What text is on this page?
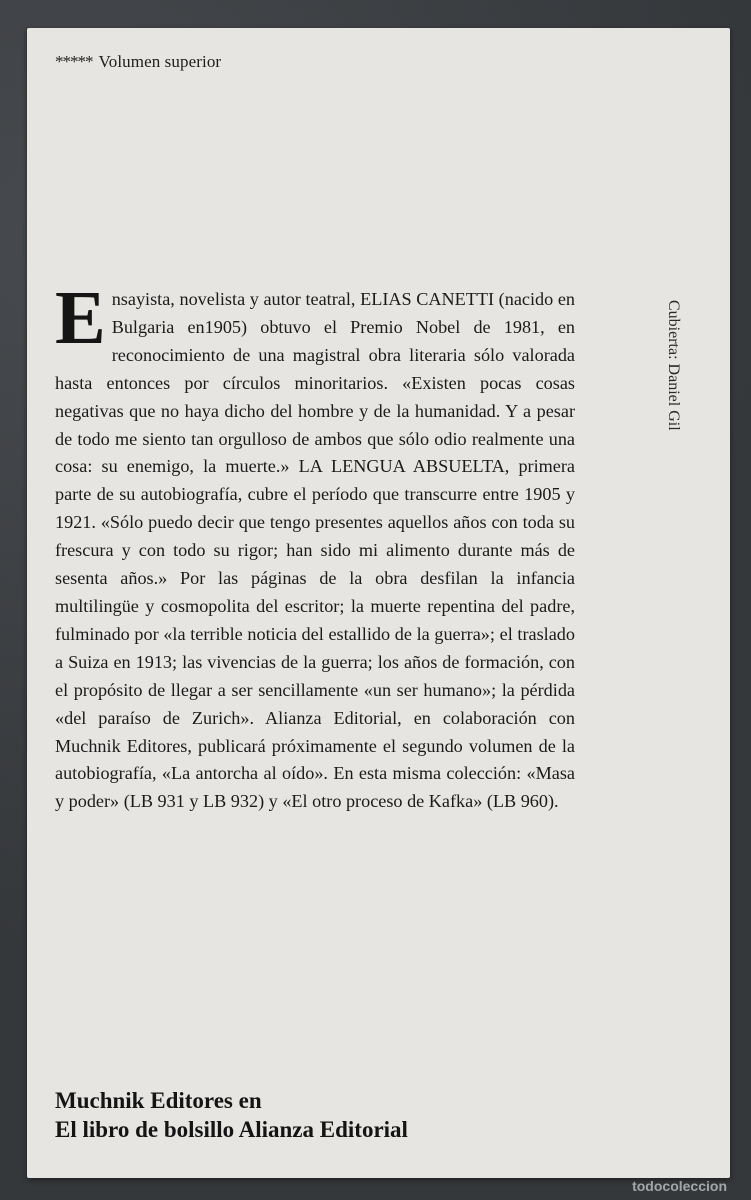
***** Volumen superior
Ensayista, novelista y autor teatral, ELIAS CANETTI (nacido en Bulgaria en1905) obtuvo el Premio Nobel de 1981, en reconocimiento de una magistral obra literaria sólo valorada hasta entonces por círculos minoritarios. «Existen pocas cosas negativas que no haya dicho del hombre y de la humanidad. Y a pesar de todo me siento tan orgulloso de ambos que sólo odio realmente una cosa: su enemigo, la muerte.» LA LENGUA ABSUELTA, primera parte de su autobiografía, cubre el período que transcurre entre 1905 y 1921. «Sólo puedo decir que tengo presentes aquellos años con toda su frescura y con todo su rigor; han sido mi alimento durante más de sesenta años.» Por las páginas de la obra desfilan la infancia multilingüe y cosmopolita del escritor; la muerte repentina del padre, fulminado por «la terrible noticia del estallido de la guerra»; el traslado a Suiza en 1913; las vivencias de la guerra; los años de formación, con el propósito de llegar a ser sencillamente «un ser humano»; la pérdida «del paraíso de Zurich». Alianza Editorial, en colaboración con Muchnik Editores, publicará próximamente el segundo volumen de la autobiografía, «La antorcha al oído». En esta misma colección: «Masa y poder» (LB 931 y LB 932) y «El otro proceso de Kafka» (LB 960).
Cubierta: Daniel Gil
Muchnik Editores en
El libro de bolsillo Alianza Editorial
todocoleccion
